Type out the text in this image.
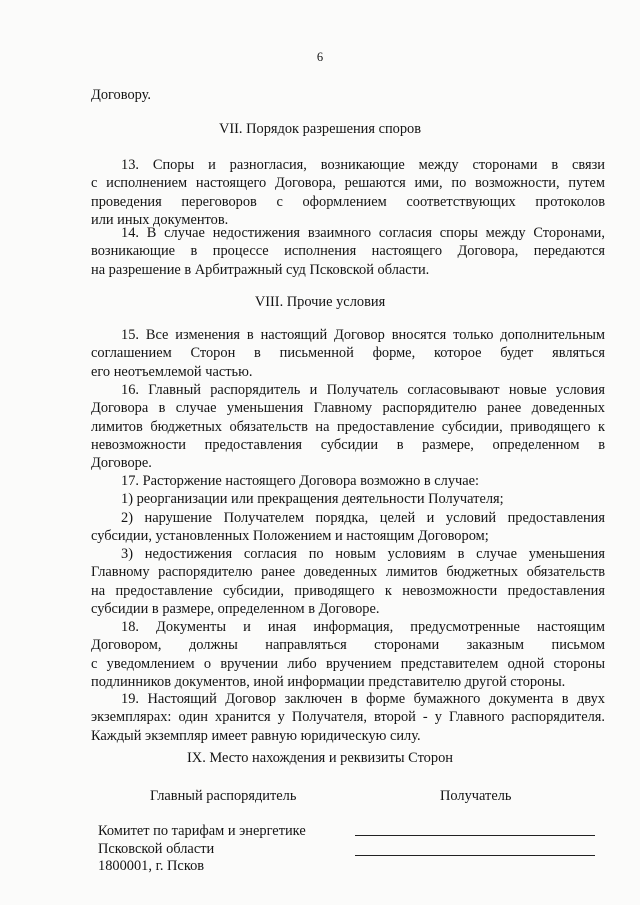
6
Договору.
VII. Порядок разрешения споров
13. Споры и разногласия, возникающие между сторонами в связи
с исполнением настоящего Договора, решаются ими, по возможности, путем
проведения переговоров с оформлением соответствующих протоколов
или иных документов.
14. В случае недостижения взаимного согласия споры между Сторонами,
возникающие в процессе исполнения настоящего Договора, передаются
на разрешение в Арбитражный суд Псковской области.
VIII. Прочие условия
15. Все изменения в настоящий Договор вносятся только дополнительным
соглашением Сторон в письменной форме, которое будет являться
его неотъемлемой частью.
16. Главный распорядитель и Получатель согласовывают новые условия
Договора в случае уменьшения Главному распорядителю ранее доведенных
лимитов бюджетных обязательств на предоставление субсидии, приводящего к
невозможности предоставления субсидии в размере, определенном в
Договоре.
17. Расторжение настоящего Договора возможно в случае:
1) реорганизации или прекращения деятельности Получателя;
2) нарушение Получателем порядка, целей и условий предоставления
субсидии, установленных Положением и настоящим Договором;
3) недостижения согласия по новым условиям в случае уменьшения
Главному распорядителю ранее доведенных лимитов бюджетных обязательств
на предоставление субсидии, приводящего к невозможности предоставления
субсидии в размере, определенном в Договоре.
18. Документы и иная информация, предусмотренные настоящим
Договором, должны направляться сторонами заказным письмом
с уведомлением о вручении либо вручением представителем одной стороны
подлинников документов, иной информации представителю другой стороны.
19. Настоящий Договор заключен в форме бумажного документа в двух
экземплярах: один хранится у Получателя, второй - у Главного распорядителя.
Каждый экземпляр имеет равную юридическую силу.
IX. Место нахождения и реквизиты Сторон
Главный распорядитель	Получатель
Комитет по тарифам и энергетике
Псковской области
1800001, г. Псков
